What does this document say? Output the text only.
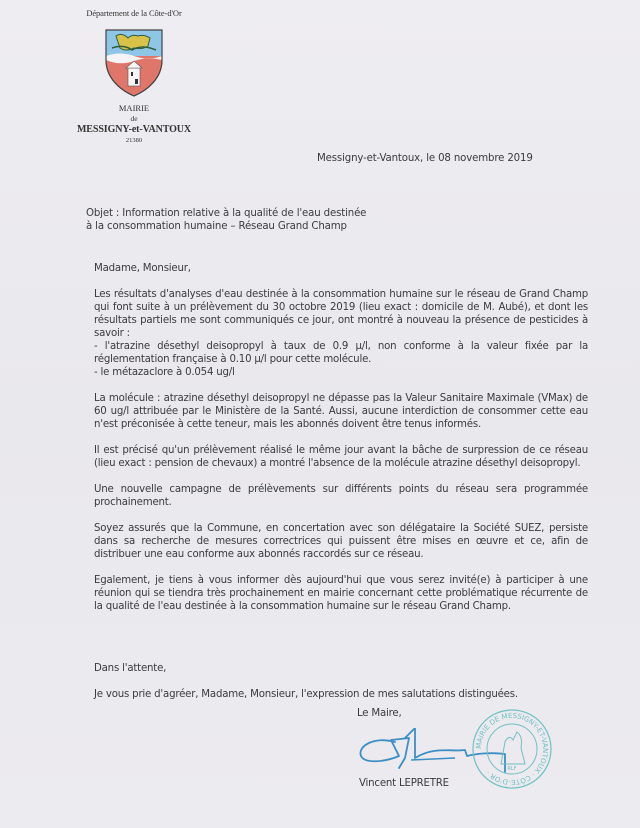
Département de la Côte-d'Or
MAIRIE
de
MESSIGNY-et-VANTOUX
21380
Messigny-et-Vantoux, le 08 novembre 2019
Objet : Information relative à la qualité de l'eau destinée
à la consommation humaine – Réseau Grand Champ

Madame, Monsieur,

Les résultats d'analyses d'eau destinée à la consommation humaine sur le réseau de Grand Champ qui font suite à un prélèvement du 30 octobre 2019 (lieu exact : domicile de M. Aubé), et dont les résultats partiels me sont communiqués ce jour, ont montré à nouveau la présence de pesticides à savoir :
- l'atrazine désethyl deisopropyl à taux de 0.9 µ/l, non conforme à la valeur fixée par la réglementation française à 0.10 µ/l pour cette molécule.
- le métazaclore à 0.054 ug/l

La molécule : atrazine désethyl deisopropyl ne dépasse pas la Valeur Sanitaire Maximale (VMax) de 60 ug/l attribuée par le Ministère de la Santé. Aussi, aucune interdiction de consommer cette eau n'est préconisée à cette teneur, mais les abonnés doivent être tenus informés.

Il est précisé qu'un prélèvement réalisé le même jour avant la bâche de surpression de ce réseau (lieu exact : pension de chevaux) a montré l'absence de la molécule atrazine désethyl deisopropyl.

Une nouvelle campagne de prélèvements sur différents points du réseau sera programmée prochainement.

Soyez assurés que la Commune, en concertation avec son délégataire la Société SUEZ, persiste dans sa recherche de mesures correctrices qui puissent être mises en œuvre et ce, afin de distribuer une eau conforme aux abonnés raccordés sur ce réseau.

Egalement, je tiens à vous informer dès aujourd'hui que vous serez invité(e) à participer à une réunion qui se tiendra très prochainement en mairie concernant cette problématique récurrente de la qualité de l'eau destinée à la consommation humaine sur le réseau Grand Champ.

Dans l'attente,
Je vous prie d'agréer, Madame, Monsieur, l'expression de mes salutations distinguées.
Le Maire,
Vincent LEPRETRE
MAIRIE DE MESSIGNY-ET-VANTOUX · CÔTE-D'OR ·	RLF
